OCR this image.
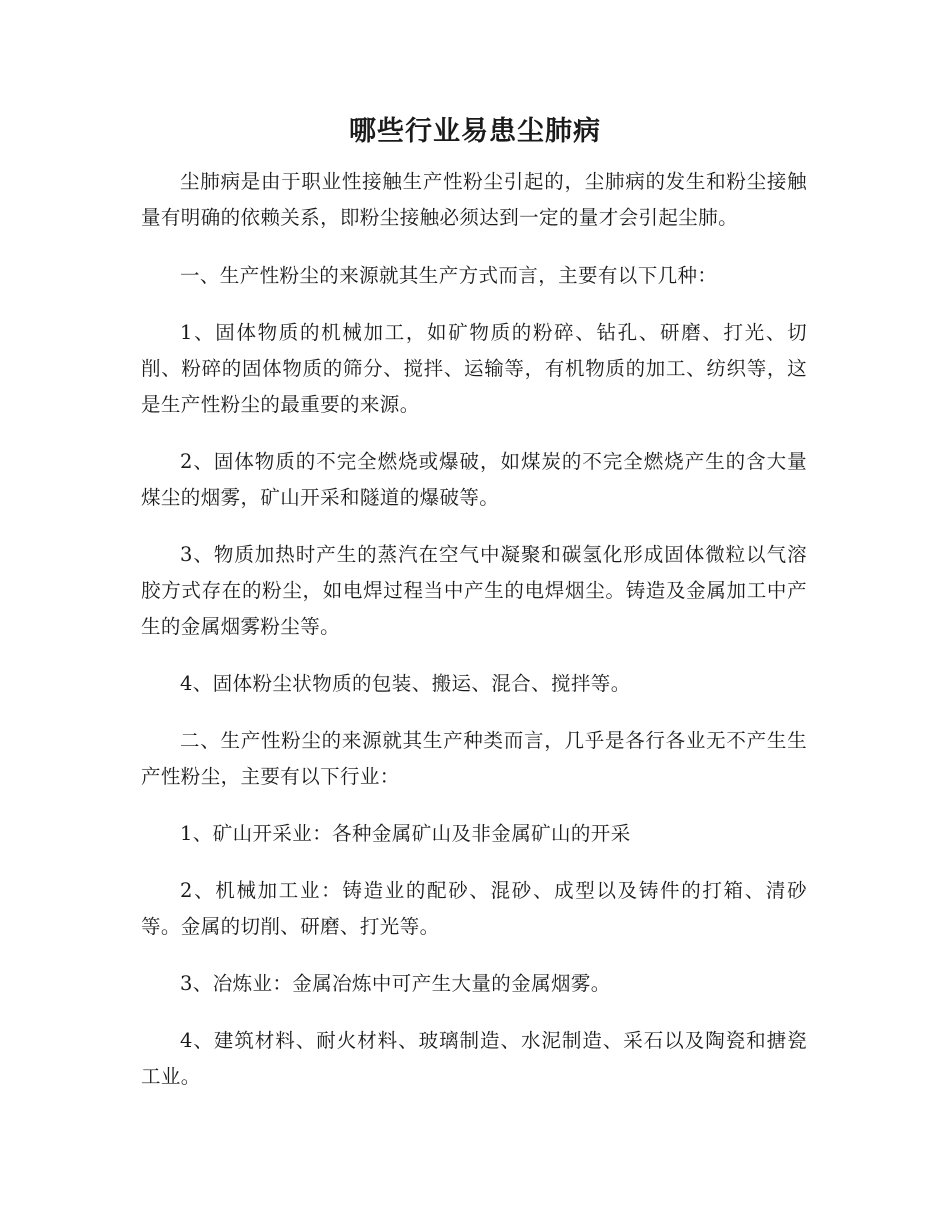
哪些行业易患尘肺病

尘肺病是由于职业性接触生产性粉尘引起的，尘肺病的发生和粉尘接触量有明确的依赖关系，即粉尘接触必须达到一定的量才会引起尘肺。

一、生产性粉尘的来源就其生产方式而言，主要有以下几种：

1、固体物质的机械加工，如矿物质的粉碎、钻孔、研磨、打光、切削、粉碎的固体物质的筛分、搅拌、运输等，有机物质的加工、纺织等，这是生产性粉尘的最重要的来源。

2、固体物质的不完全燃烧或爆破，如煤炭的不完全燃烧产生的含大量煤尘的烟雾，矿山开采和隧道的爆破等。

3、物质加热时产生的蒸汽在空气中凝聚和碳氢化形成固体微粒以气溶胶方式存在的粉尘，如电焊过程当中产生的电焊烟尘。铸造及金属加工中产生的金属烟雾粉尘等。

4、固体粉尘状物质的包装、搬运、混合、搅拌等。

二、生产性粉尘的来源就其生产种类而言，几乎是各行各业无不产生生产性粉尘，主要有以下行业：

1、矿山开采业：各种金属矿山及非金属矿山的开采

2、机械加工业：铸造业的配砂、混砂、成型以及铸件的打箱、清砂等。金属的切削、研磨、打光等。

3、冶炼业：金属冶炼中可产生大量的金属烟雾。

4、建筑材料、耐火材料、玻璃制造、水泥制造、采石以及陶瓷和搪瓷工业。
